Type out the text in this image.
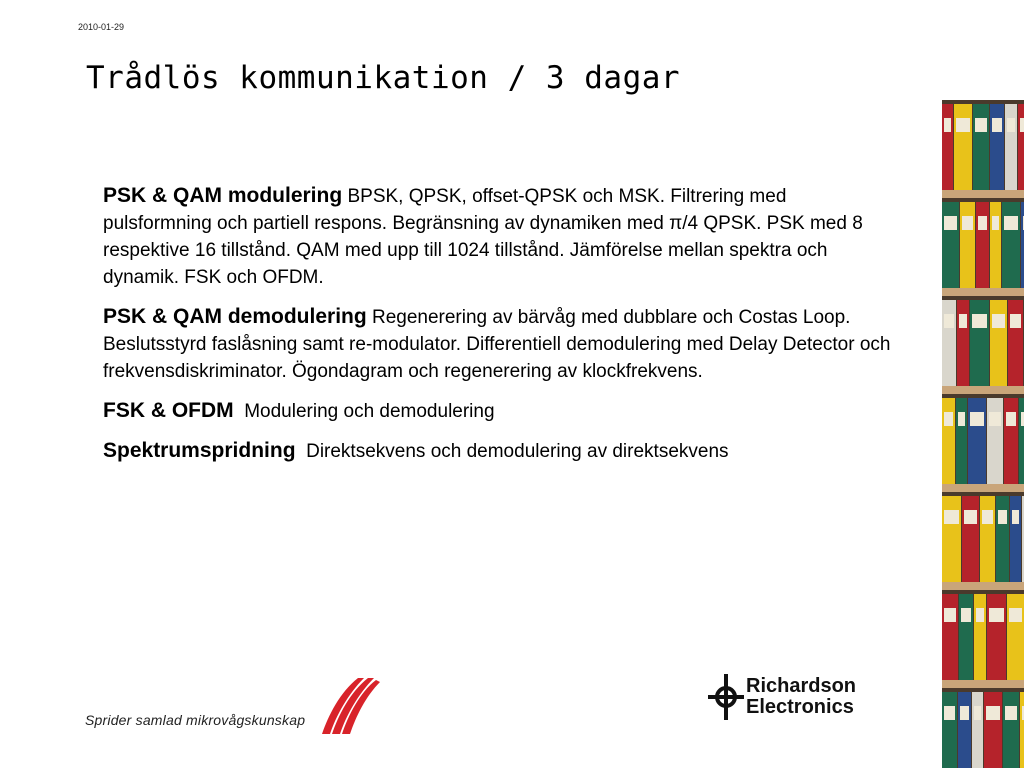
2010-01-29
Trådlös kommunikation / 3 dagar

PSK & QAM modulering BPSK, QPSK, offset-QPSK och MSK. Filtrering med pulsformning och partiell respons. Begränsning av dynamiken med π/4 QPSK. PSK med 8 respektive 16 tillstånd. QAM med upp till 1024 tillstånd. Jämförelse mellan spektra och dynamik. FSK och OFDM.

PSK & QAM demodulering Regenerering av bärvåg med dubblare och Costas Loop. Beslutsstyrd faslåsning samt re-modulator. Differentiell demodulering med Delay Detector och frekvensdiskriminator. Ögondagram och regenerering av klockfrekvens.

FSK & OFDM Modulering och demodulering

Spektrumspridning Direktsekvens och demodulering av direktsekvens

Sprider samlad mikrovågskunskap
Richardson
Electronics
